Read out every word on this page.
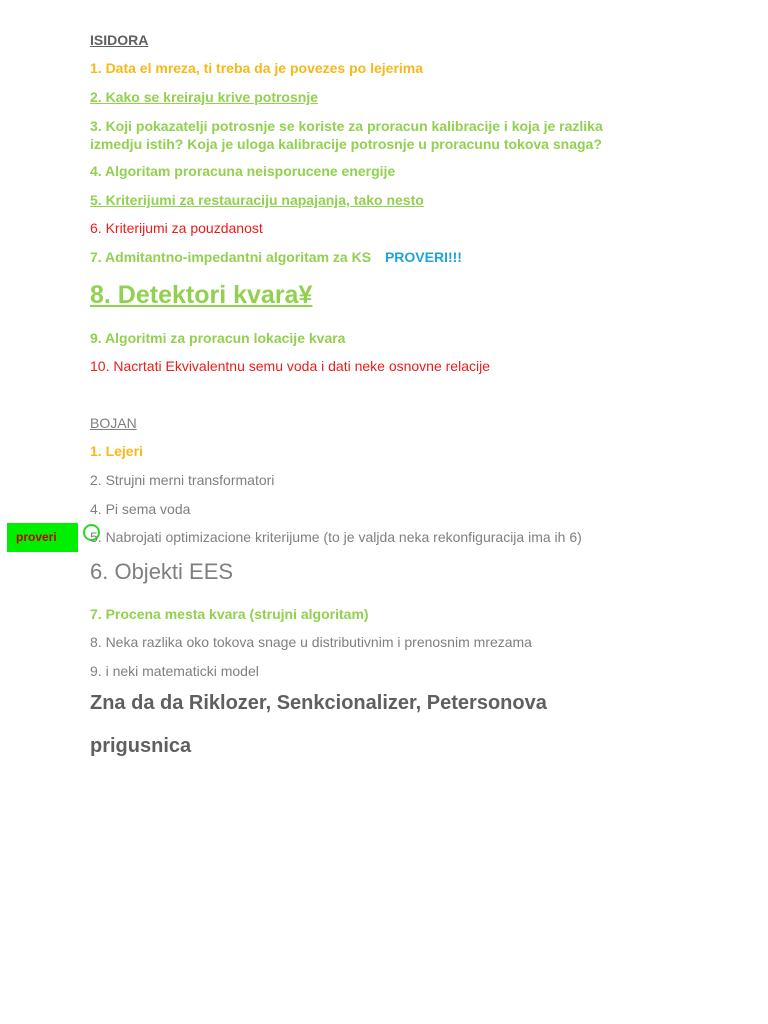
ISIDORA
1. Data el mreza, ti treba da je povezes po lejerima
2. Kako se kreiraju krive potrosnje
3. Koji pokazatelji potrosnje se koriste za proracun kalibracije i koja je razlika
izmedju istih? Koja je uloga kalibracije potrosnje u proracunu tokova snaga?
4. Algoritam proracuna neisporucene energije
5. Kriterijumi za restauraciju napajanja, tako nesto
6. Kriterijumi za pouzdanost
7. Admitantno-impedantni algoritam za KS PROVERI!!!
8. Detektori kvara¥
9. Algoritmi za proracun lokacije kvara
10. Nacrtati Ekvivalentnu semu voda i dati neke osnovne relacije
BOJAN
1. Lejeri
2. Strujni merni transformatori
4. Pi sema voda
proveri	5. Nabrojati optimizacione kriterijume (to je valjda neka rekonfiguracija ima ih 6)
6. Objekti EES
7. Procena mesta kvara (strujni algoritam)
8. Neka razlika oko tokova snage u distributivnim i prenosnim mrezama
9. i neki matematicki model
Zna da da Riklozer, Senkcionalizer, Petersonova
prigusnica
